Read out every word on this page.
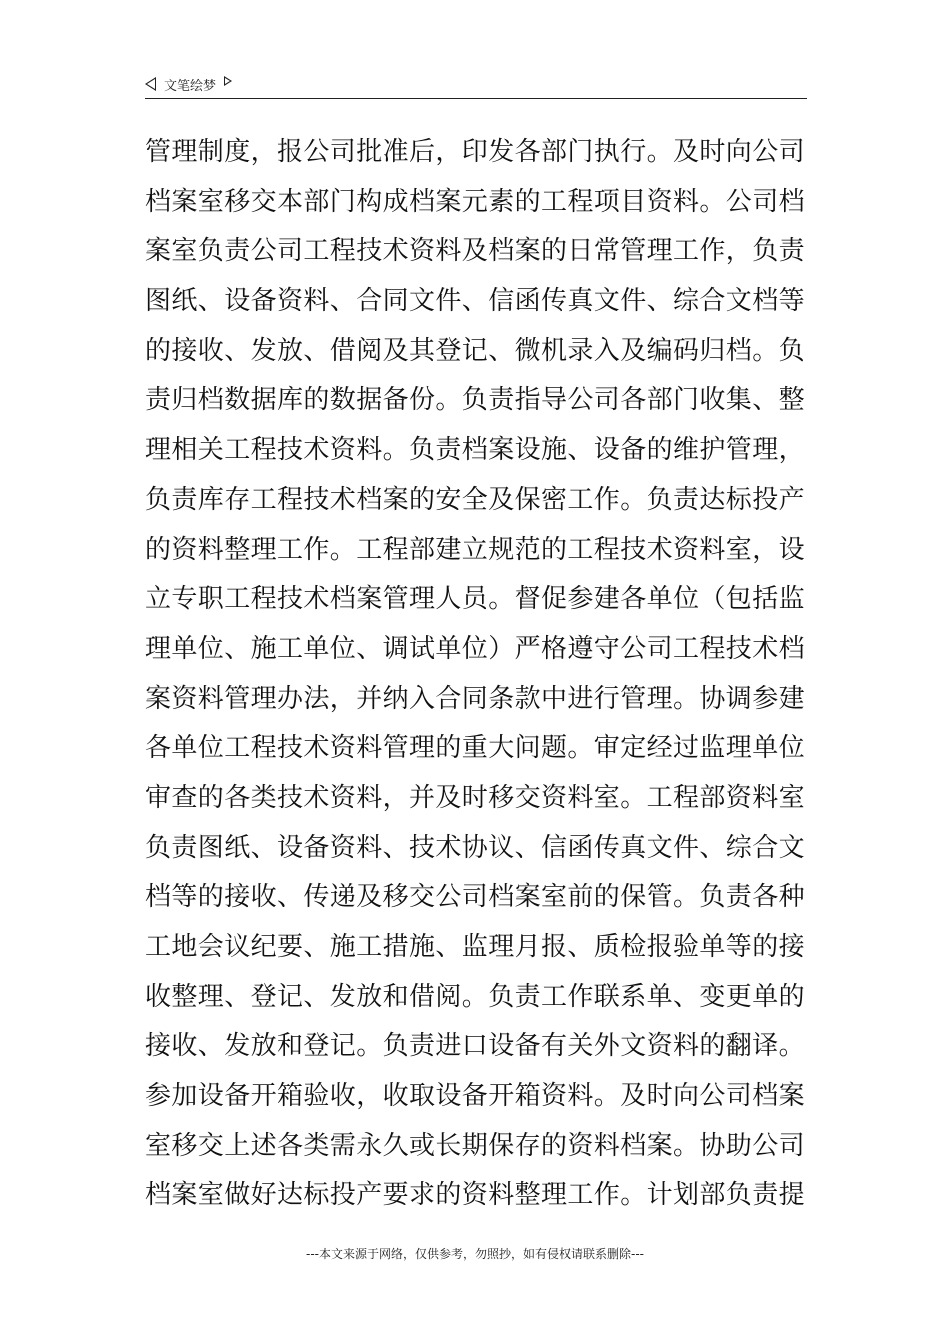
文笔绘梦
管理制度，报公司批准后，印发各部门执行。及时向公司
档案室移交本部门构成档案元素的工程项目资料。公司档
案室负责公司工程技术资料及档案的日常管理工作，负责
图纸、设备资料、合同文件、信函传真文件、综合文档等
的接收、发放、借阅及其登记、微机录入及编码归档。负
责归档数据库的数据备份。负责指导公司各部门收集、整
理相关工程技术资料。负责档案设施、设备的维护管理，
负责库存工程技术档案的安全及保密工作。负责达标投产
的资料整理工作。工程部建立规范的工程技术资料室，设
立专职工程技术档案管理人员。督促参建各单位（包括监
理单位、施工单位、调试单位）严格遵守公司工程技术档
案资料管理办法，并纳入合同条款中进行管理。协调参建
各单位工程技术资料管理的重大问题。审定经过监理单位
审查的各类技术资料，并及时移交资料室。工程部资料室
负责图纸、设备资料、技术协议、信函传真文件、综合文
档等的接收、传递及移交公司档案室前的保管。负责各种
工地会议纪要、施工措施、监理月报、质检报验单等的接
收整理、登记、发放和借阅。负责工作联系单、变更单的
接收、发放和登记。负责进口设备有关外文资料的翻译。
参加设备开箱验收，收取设备开箱资料。及时向公司档案
室移交上述各类需永久或长期保存的资料档案。协助公司
档案室做好达标投产要求的资料整理工作。计划部负责提
---本文来源于网络，仅供参考，勿照抄，如有侵权请联系删除---
